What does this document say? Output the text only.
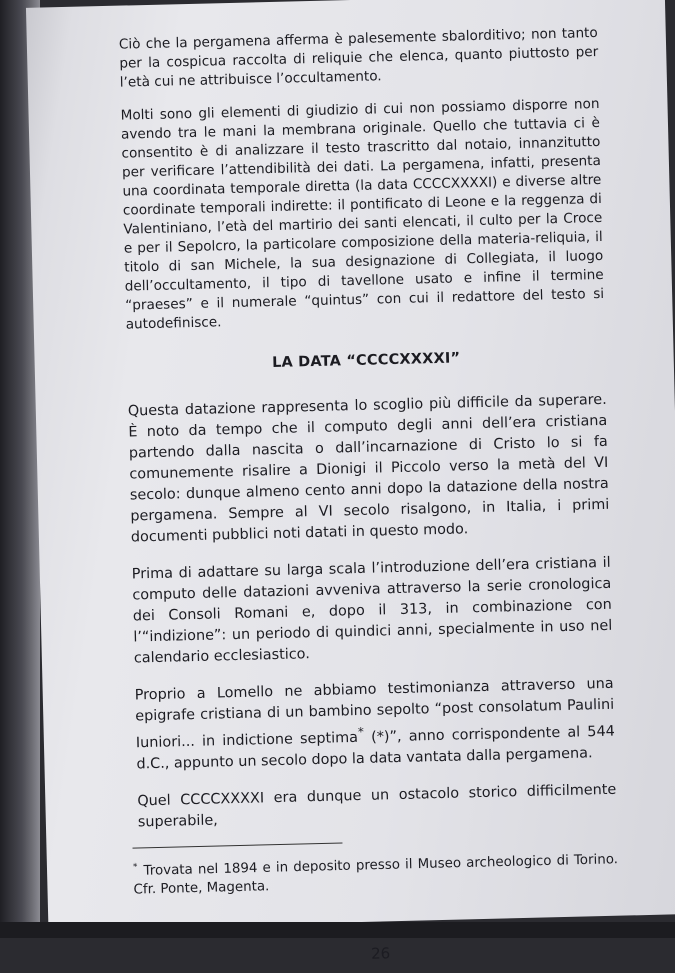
Ciò che la pergamena afferma è palesemente sbalorditivo; non tanto per la cospicua raccolta di reliquie che elenca, quanto piuttosto per l’età cui ne attribuisce l’occultamento.

Molti sono gli elementi di giudizio di cui non possiamo disporre non avendo tra le mani la membrana originale. Quello che tuttavia ci è consentito è di analizzare il testo trascritto dal notaio, innanzitutto per verificare l’attendibilità dei dati. La pergamena, infatti, presenta una coordinata temporale diretta (la data CCCCXXXXI) e diverse altre coordinate temporali indirette: il pontificato di Leone e la reggenza di Valentiniano, l’età del martirio dei santi elencati, il culto per la Croce e per il Sepolcro, la particolare composizione della materia-reliquia, il titolo di san Michele, la sua designazione di Collegiata, il luogo dell’occultamento, il tipo di tavellone usato e infine il termine “praeses” e il numerale “quintus” con cui il redattore del testo si autodefinisce.

LA DATA “CCCCXXXXI”

Questa datazione rappresenta lo scoglio più difficile da superare. È noto da tempo che il computo degli anni dell’era cristiana partendo dalla nascita o dall’incarnazione di Cristo lo si fa comunemente risalire a Dionigi il Piccolo verso la metà del VI secolo: dunque almeno cento anni dopo la datazione della nostra pergamena. Sempre al VI secolo risalgono, in Italia, i primi documenti pubblici noti datati in questo modo.

Prima di adattare su larga scala l’introduzione dell’era cristiana il computo delle datazioni avveniva attraverso la serie cronologica dei Consoli Romani e, dopo il 313, in combinazione con l’“indizione”: un periodo di quindici anni, specialmente in uso nel calendario ecclesiastico.

Proprio a Lomello ne abbiamo testimonianza attraverso una epigrafe cristiana di un bambino sepolto “post consolatum Paulini Iuniori... in indictione septima* (*)”, anno corrispondente al 544 d.C., appunto un secolo dopo la data vantata dalla pergamena.

Quel CCCCXXXXI era dunque un ostacolo storico difficilmente superabile,

* Trovata nel 1894 e in deposito presso il Museo archeologico di Torino. Cfr. Ponte, Magenta.

26
